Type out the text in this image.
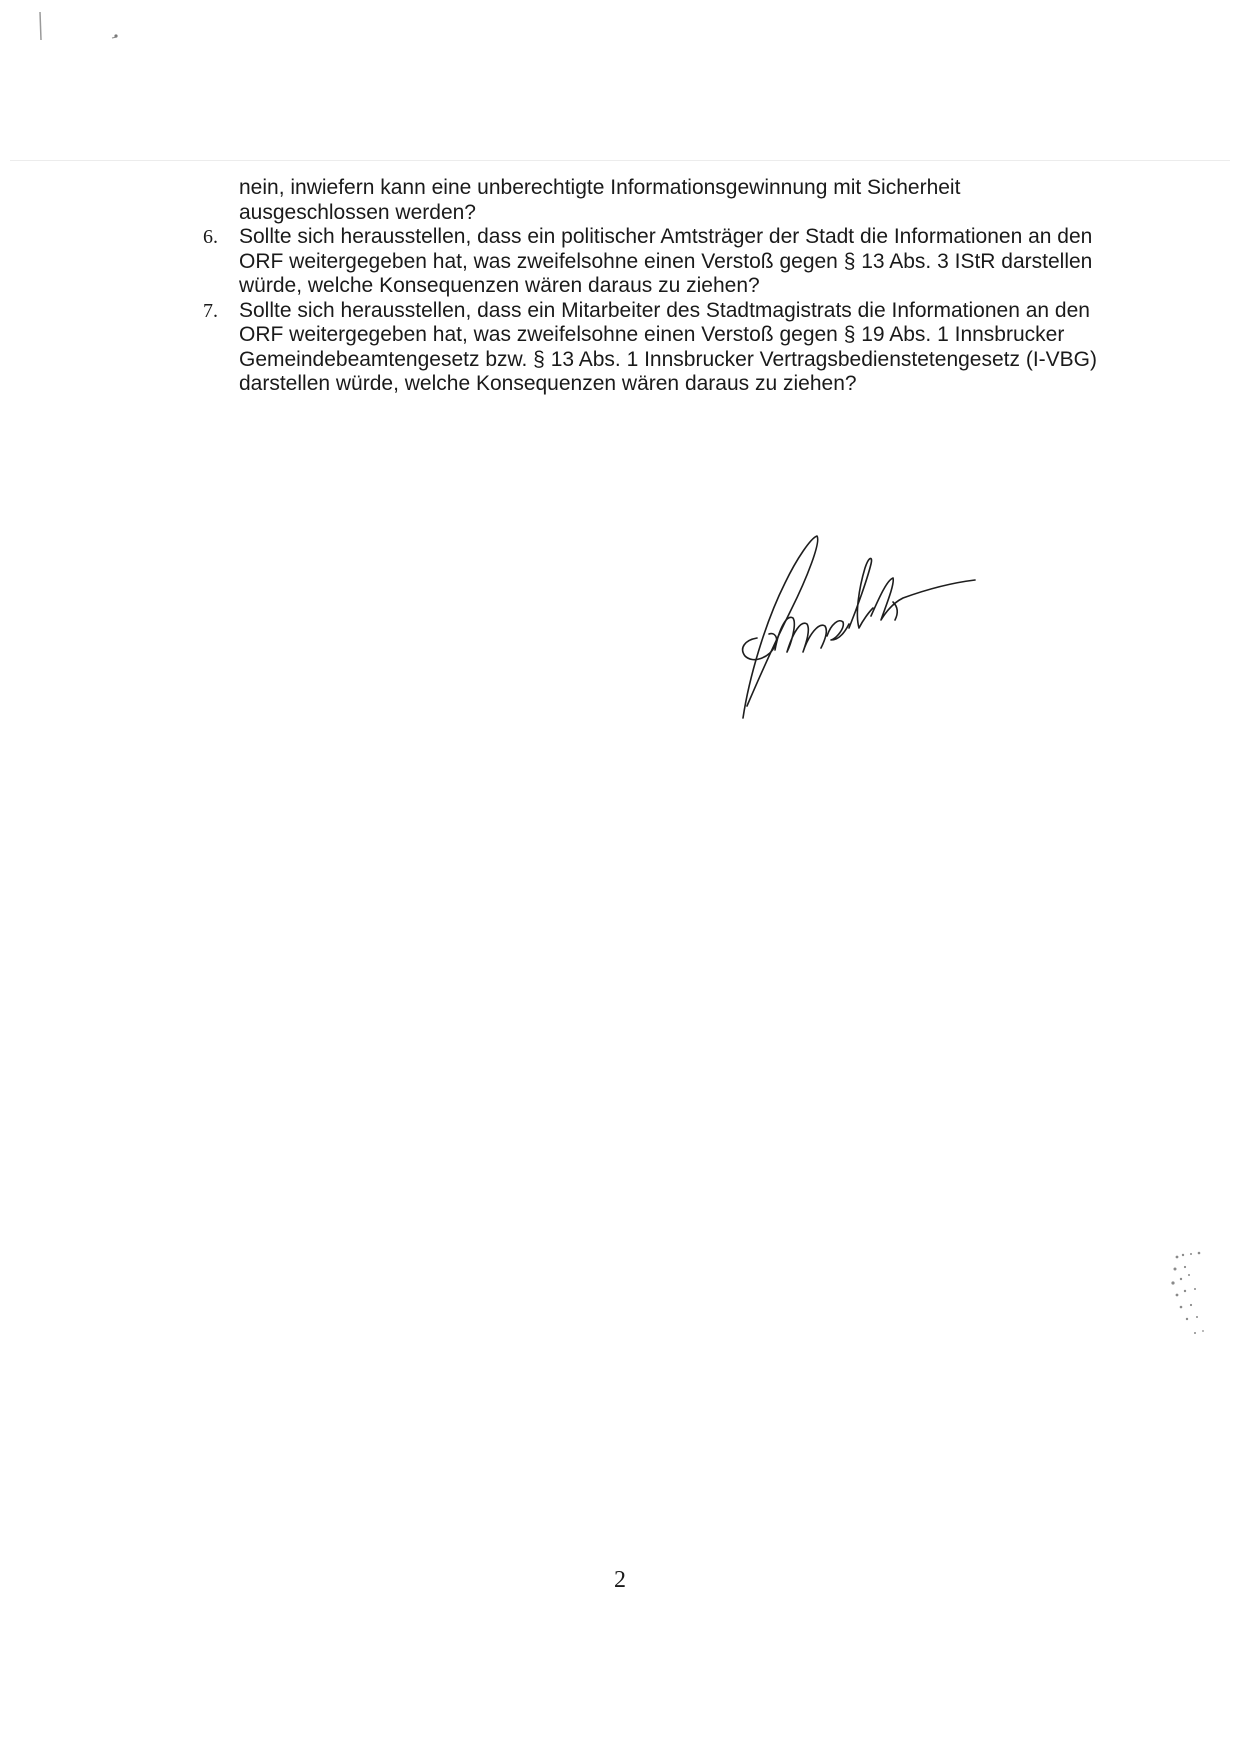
nein, inwiefern kann eine unberechtigte Informationsgewinnung mit Sicherheit ausgeschlossen werden?

6.	Sollte sich herausstellen, dass ein politischer Amtsträger der Stadt die Informationen an den ORF weitergegeben hat, was zweifelsohne einen Verstoß gegen § 13 Abs. 3 IStR darstellen würde, welche Konsequenzen wären daraus zu ziehen?
7.	Sollte sich herausstellen, dass ein Mitarbeiter des Stadtmagistrats die Informationen an den ORF weitergegeben hat, was zweifelsohne einen Verstoß gegen § 19 Abs. 1 Innsbrucker Gemeindebeamtengesetz bzw. § 13 Abs. 1 Innsbrucker Vertragsbedienstetengesetz (I-VBG) darstellen würde, welche Konsequenzen wären daraus zu ziehen?
2
